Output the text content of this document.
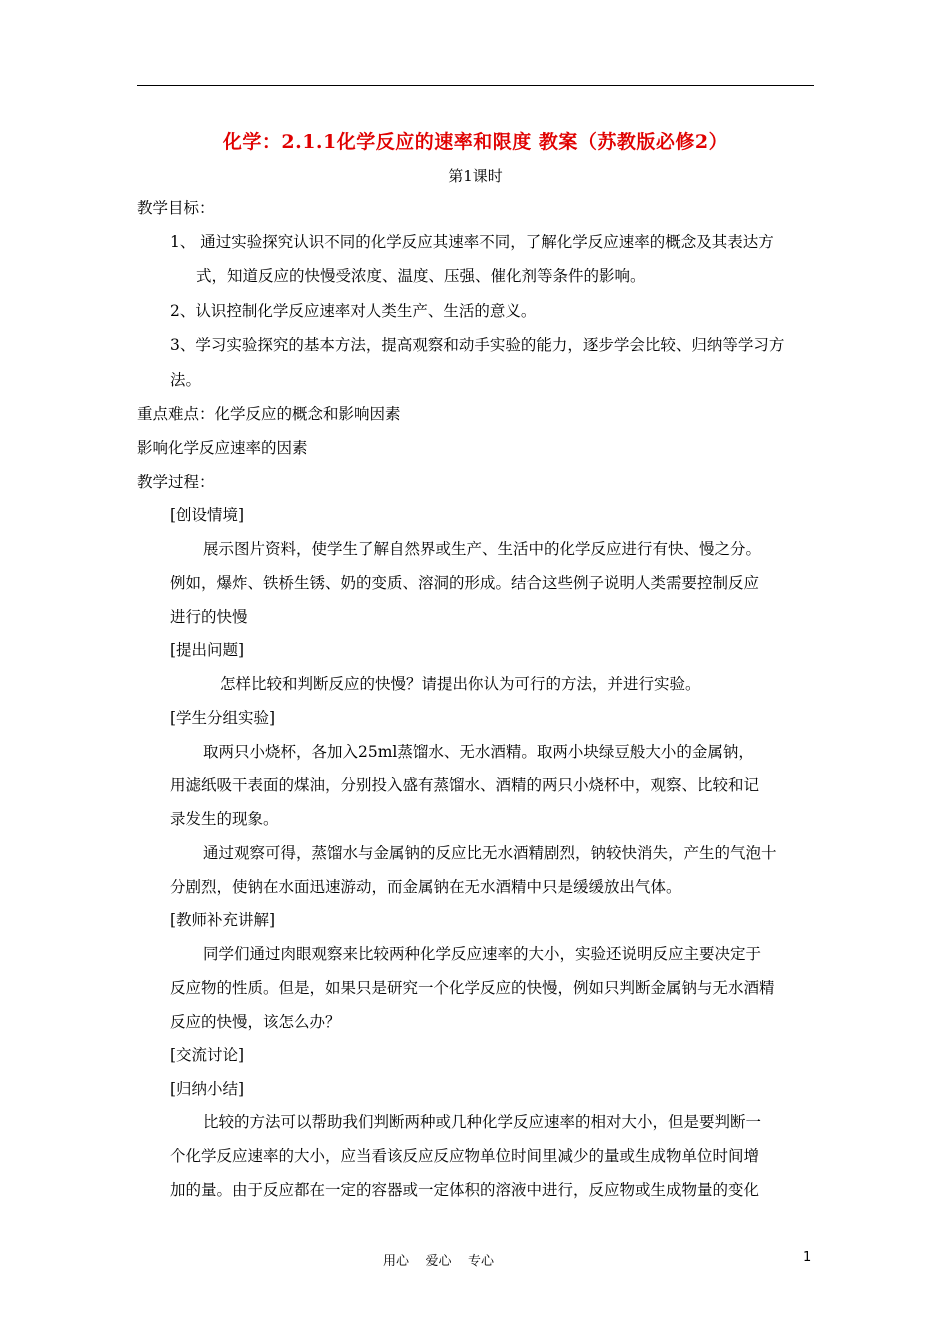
化学：2.1.1化学反应的速率和限度 教案（苏教版必修2）
第1课时
教学目标：
1、 通过实验探究认识不同的化学反应其速率不同，了解化学反应速率的概念及其表达方
式，知道反应的快慢受浓度、温度、压强、催化剂等条件的影响。
2、认识控制化学反应速率对人类生产、生活的意义。
3、学习实验探究的基本方法，提高观察和动手实验的能力，逐步学会比较、归纳等学习方
法。
重点难点：化学反应的概念和影响因素
影响化学反应速率的因素
教学过程：
[创设情境]
展示图片资料，使学生了解自然界或生产、生活中的化学反应进行有快、慢之分。
例如，爆炸、铁桥生锈、奶的变质、溶洞的形成。结合这些例子说明人类需要控制反应
进行的快慢
[提出问题]
怎样比较和判断反应的快慢？请提出你认为可行的方法，并进行实验。
[学生分组实验]
取两只小烧杯，各加入25ml蒸馏水、无水酒精。取两小块绿豆般大小的金属钠，
用滤纸吸干表面的煤油，分别投入盛有蒸馏水、酒精的两只小烧杯中，观察、比较和记
录发生的现象。
通过观察可得，蒸馏水与金属钠的反应比无水酒精剧烈，钠较快消失，产生的气泡十
分剧烈，使钠在水面迅速游动，而金属钠在无水酒精中只是缓缓放出气体。
[教师补充讲解]
同学们通过肉眼观察来比较两种化学反应速率的大小，实验还说明反应主要决定于
反应物的性质。但是，如果只是研究一个化学反应的快慢，例如只判断金属钠与无水酒精
反应的快慢，该怎么办？
[交流讨论]
[归纳小结]
比较的方法可以帮助我们判断两种或几种化学反应速率的相对大小，但是要判断一
个化学反应速率的大小，应当看该反应反应物单位时间里减少的量或生成物单位时间增
加的量。由于反应都在一定的容器或一定体积的溶液中进行，反应物或生成物量的变化
用心    爱心    专心	1
